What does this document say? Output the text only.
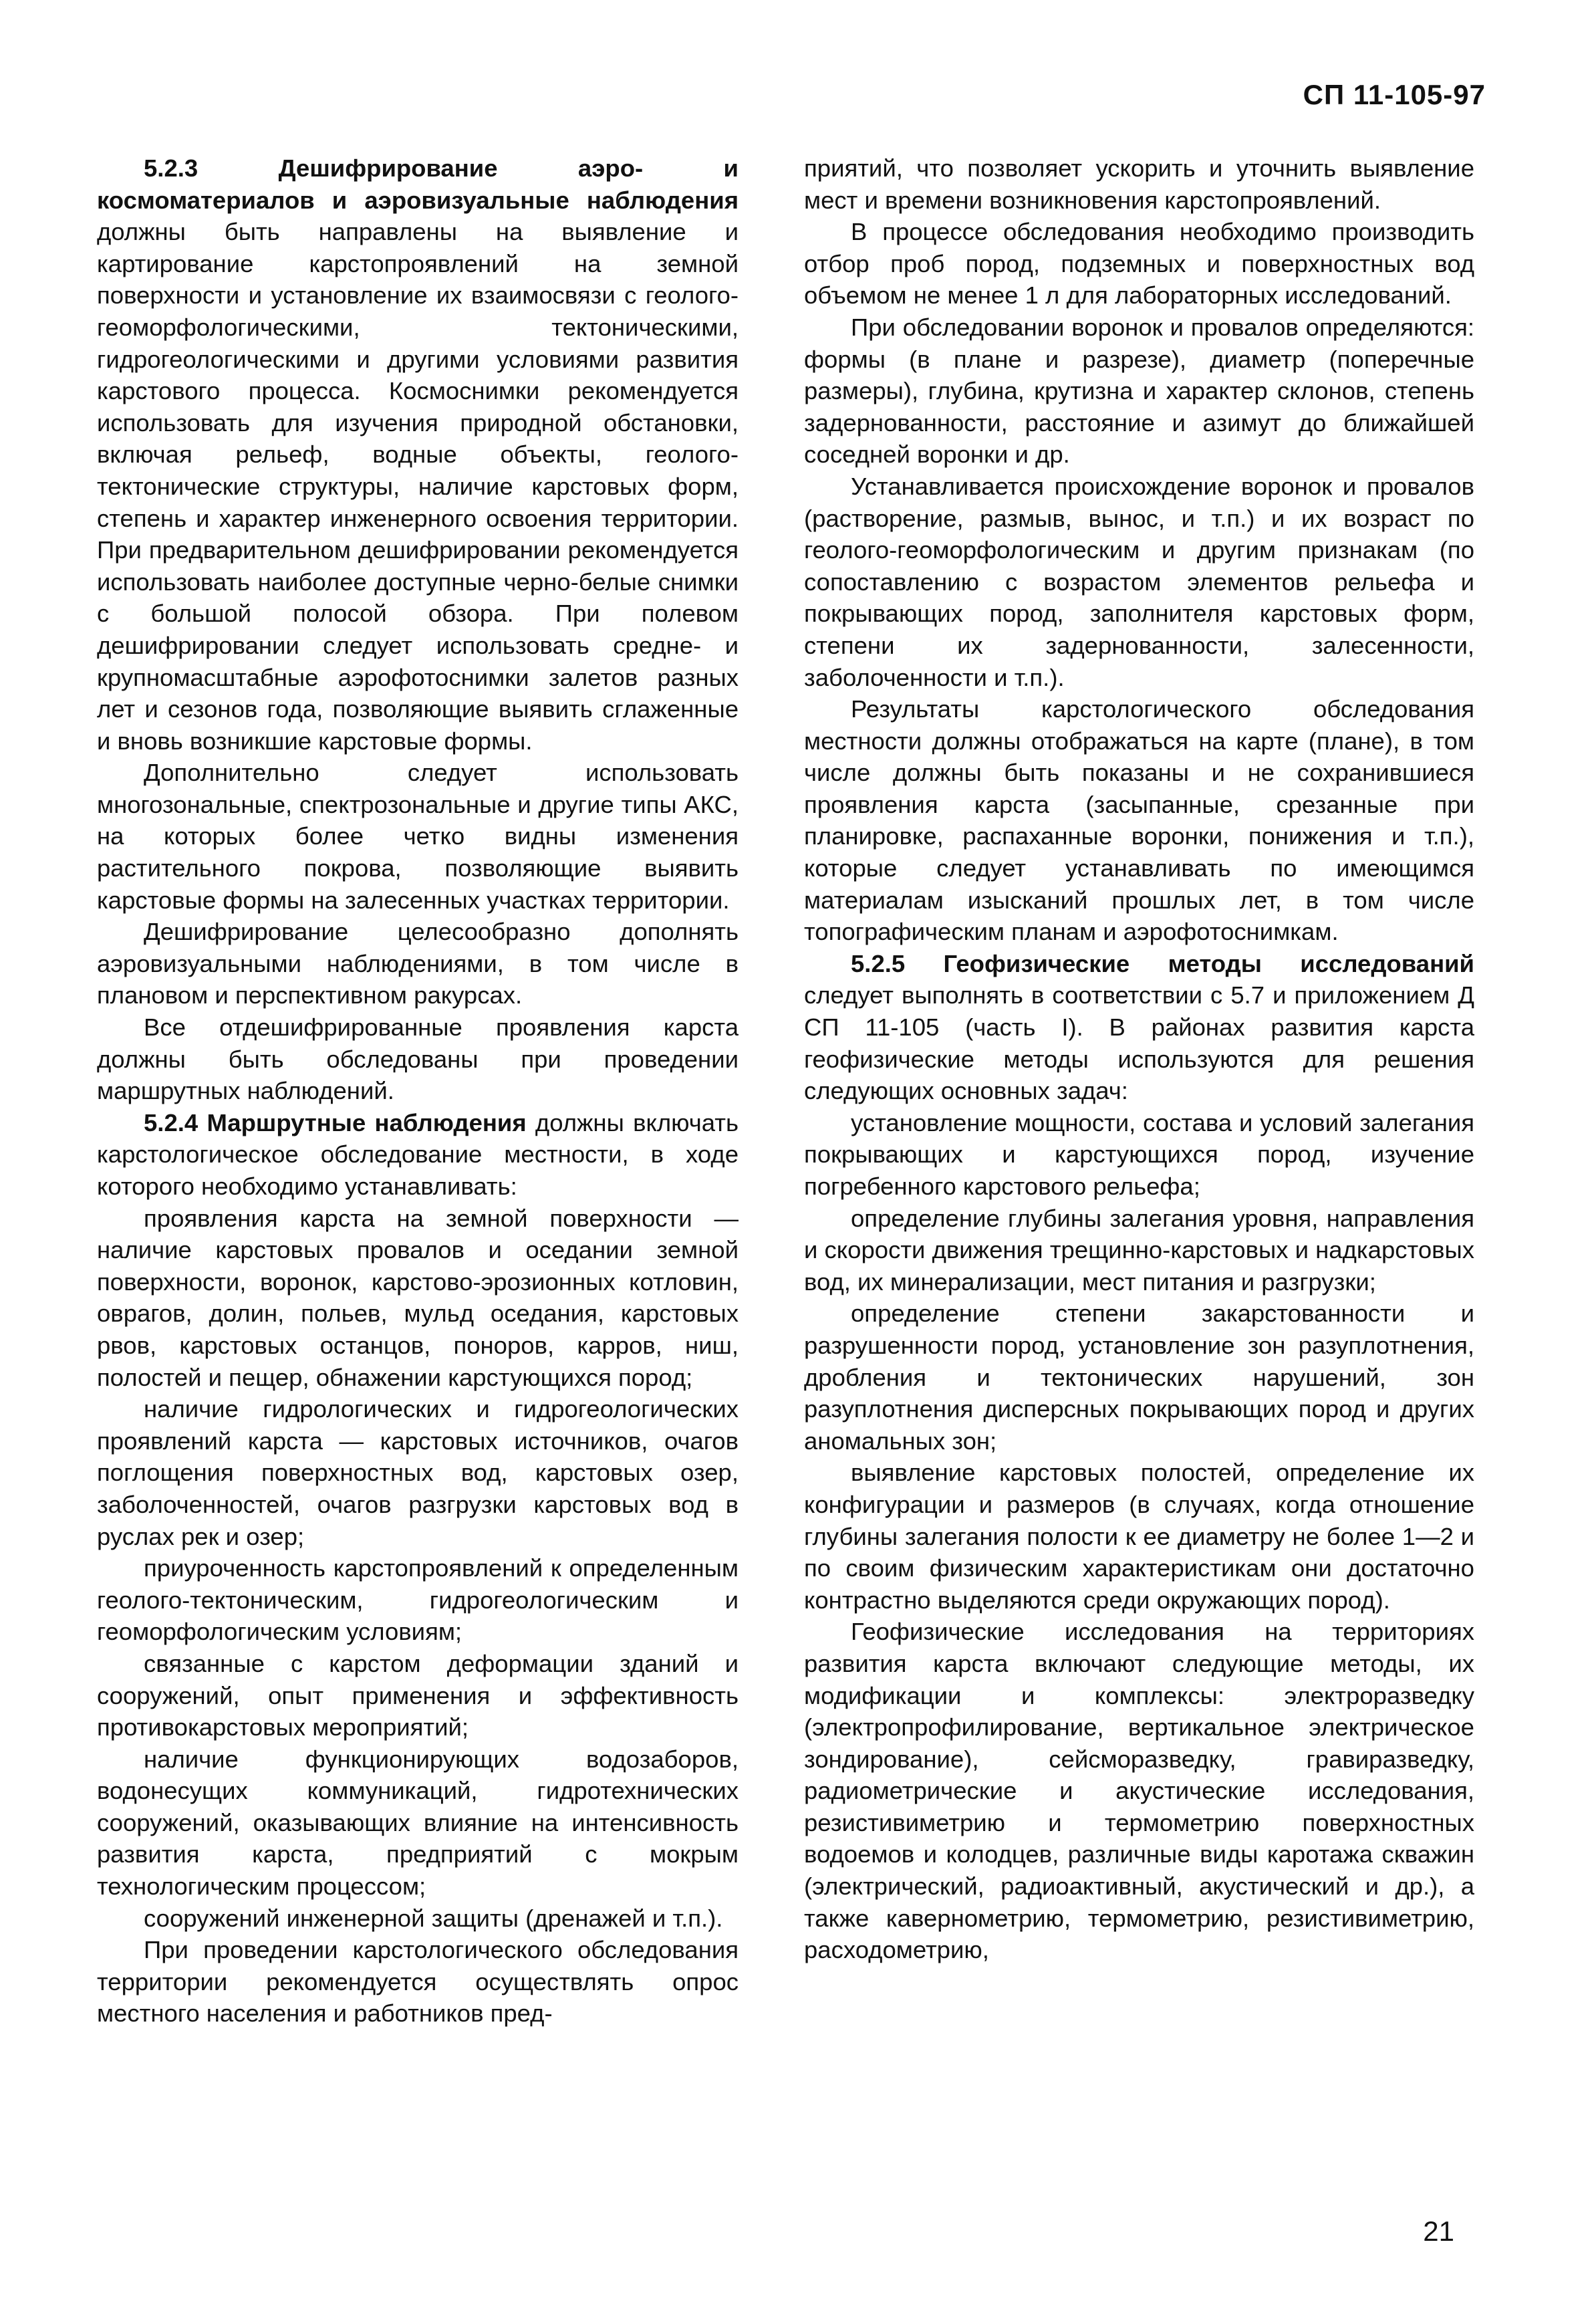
СП 11-105-97

5.2.3 Дешифрирование аэро- и космоматериалов и аэровизуальные наблюдения должны быть направлены на выявление и картирование карстопроявлений на земной поверхности и установление их взаимосвязи с геолого-геоморфологическими, тектоническими, гидрогеологическими и другими условиями развития карстового процесса. Космоснимки рекомендуется использовать для изучения природной обстановки, включая рельеф, водные объекты, геолого-тектонические структуры, наличие карстовых форм, степень и характер инженерного освоения территории. При предварительном дешифрировании рекомендуется использовать наиболее доступные черно-белые снимки с большой полосой обзора. При полевом дешифрировании следует использовать средне- и крупномасштабные аэрофотоснимки залетов разных лет и сезонов года, позволяющие выявить сглаженные и вновь возникшие карстовые формы.

Дополнительно следует использовать многозональные, спектрозональные и другие типы АКС, на которых более четко видны изменения растительного покрова, позволяющие выявить карстовые формы на залесенных участках территории.

Дешифрирование целесообразно дополнять аэровизуальными наблюдениями, в том числе в плановом и перспективном ракурсах.

Все отдешифрированные проявления карста должны быть обследованы при проведении маршрутных наблюдений.

5.2.4 Маршрутные наблюдения должны включать карстологическое обследование местности, в ходе которого необходимо устанавливать:

проявления карста на земной поверхности — наличие карстовых провалов и оседании земной поверхности, воронок, карстово-эрозионных котловин, оврагов, долин, польев, мульд оседания, карстовых рвов, карстовых останцов, поноров, карров, ниш, полостей и пещер, обнажении карстующихся пород;

наличие гидрологических и гидрогеологических проявлений карста — карстовых источников, очагов поглощения поверхностных вод, карстовых озер, заболоченностей, очагов разгрузки карстовых вод в руслах рек и озер;

приуроченность карстопроявлений к определенным геолого-тектоническим, гидрогеологическим и геоморфологическим условиям;

связанные с карстом деформации зданий и сооружений, опыт применения и эффективность противокарстовых мероприятий;

наличие функционирующих водозаборов, водонесущих коммуникаций, гидротехнических сооружений, оказывающих влияние на интенсивность развития карста, предприятий с мокрым технологическим процессом;

сооружений инженерной защиты (дренажей и т.п.).

При проведении карстологического обследования территории рекомендуется осуществлять опрос местного населения и работников пред-

приятий, что позволяет ускорить и уточнить выявление мест и времени возникновения карстопроявлений.

В процессе обследования необходимо производить отбор проб пород, подземных и поверхностных вод объемом не менее 1 л для лабораторных исследований.

При обследовании воронок и провалов определяются: формы (в плане и разрезе), диаметр (поперечные размеры), глубина, крутизна и характер склонов, степень задернованности, расстояние и азимут до ближайшей соседней воронки и др.

Устанавливается происхождение воронок и провалов (растворение, размыв, вынос, и т.п.) и их возраст по геолого-геоморфологическим и другим признакам (по сопоставлению с возрастом элементов рельефа и покрывающих пород, заполнителя карстовых форм, степени их задернованности, залесенности, заболоченности и т.п.).

Результаты карстологического обследования местности должны отображаться на карте (плане), в том числе должны быть показаны и не сохранившиеся проявления карста (засыпанные, срезанные при планировке, распаханные воронки, понижения и т.п.), которые следует устанавливать по имеющимся материалам изысканий прошлых лет, в том числе топографическим планам и аэрофотоснимкам.

5.2.5 Геофизические методы исследований следует выполнять в соответствии с 5.7 и приложением Д СП 11-105 (часть I). В районах развития карста геофизические методы используются для решения следующих основных задач:

установление мощности, состава и условий залегания покрывающих и карстующихся пород, изучение погребенного карстового рельефа;

определение глубины залегания уровня, направления и скорости движения трещинно-карстовых и надкарстовых вод, их минерализации, мест питания и разгрузки;

определение степени закарстованности и разрушенности пород, установление зон разуплотнения, дробления и тектонических нарушений, зон разуплотнения дисперсных покрывающих пород и других аномальных зон;

выявление карстовых полостей, определение их конфигурации и размеров (в случаях, когда отношение глубины залегания полости к ее диаметру не более 1—2 и по своим физическим характеристикам они достаточно контрастно выделяются среди окружающих пород).

Геофизические исследования на территориях развития карста включают следующие методы, их модификации и комплексы: электроразведку (электропрофилирование, вертикальное электрическое зондирование), сейсморазведку, гравиразведку, радиометрические и акустические исследования, резистивиметрию и термометрию поверхностных водоемов и колодцев, различные виды каротажа скважин (электрический, радиоактивный, акустический и др.), а также кавернометрию, термометрию, резистивиметрию, расходометрию,

21
